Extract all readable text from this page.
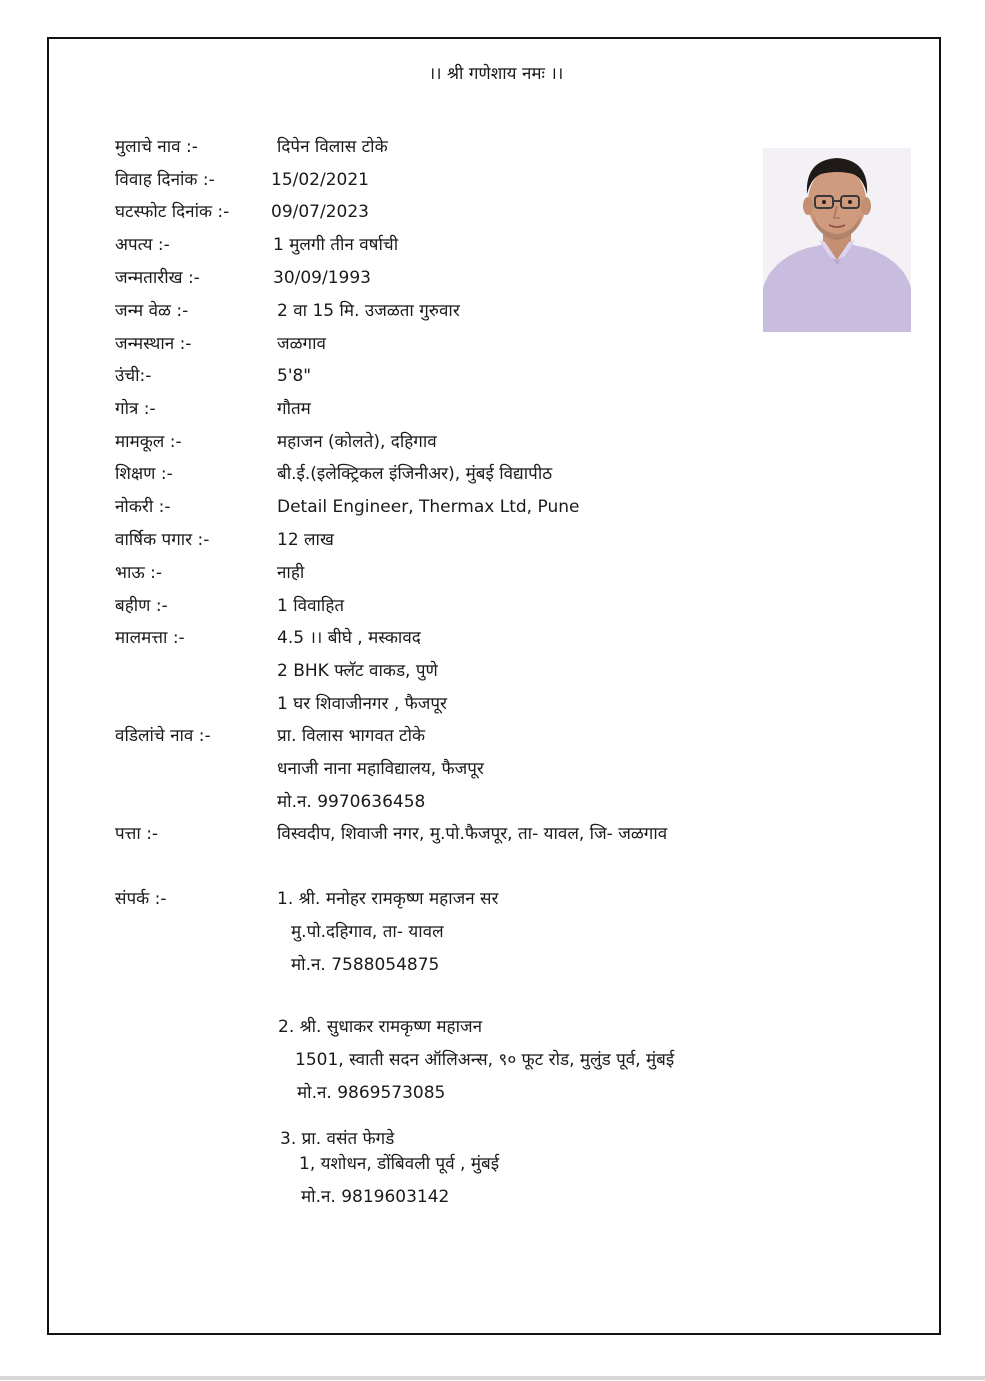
।। श्री गणेशाय नमः ।।
मुलाचे नाव :-
विवाह दिनांक :-
घटस्फोट दिनांक :-
अपत्य :-
जन्मतारीख :-
जन्म वेळ :-
जन्मस्थान :-
उंची:-
गोत्र :-
मामकूल :-
शिक्षण :-
नोकरी :-
वार्षिक पगार :-
भाऊ :-
बहीण :-
मालमत्ता :-
वडिलांचे नाव :-
पत्ता :-
संपर्क :-
दिपेन विलास टोके
15/02/2021
09/07/2023
1 मुलगी तीन वर्षाची
30/09/1993
2 वा 15 मि. उजळता गुरुवार
जळगाव
5'8"
गौतम
महाजन (कोलते), दहिगाव
बी.ई.(इलेक्ट्रिकल इंजिनीअर), मुंबई विद्यापीठ
Detail Engineer, Thermax Ltd, Pune
12 लाख
नाही
1 विवाहित
4.5 ।। बीघे , मस्कावद
2 BHK फ्लॅट वाकड, पुणे
1 घर शिवाजीनगर , फैजपूर
प्रा. विलास भागवत टोके
धनाजी नाना महाविद्यालय, फैजपूर
मो.न. 9970636458
विस्वदीप, शिवाजी नगर, मु.पो.फैजपूर, ता- यावल, जि- जळगाव
1. श्री. मनोहर रामकृष्ण महाजन सर
मु.पो.दहिगाव, ता- यावल
मो.न. 7588054875
2. श्री. सुधाकर रामकृष्ण महाजन
1501, स्वाती सदन ऑलिअन्स, ९० फूट रोड, मुलुंड पूर्व, मुंबई
मो.न. 9869573085
3. प्रा. वसंत फेगडे
1, यशोधन, डोंबिवली पूर्व , मुंबई
मो.न. 9819603142
